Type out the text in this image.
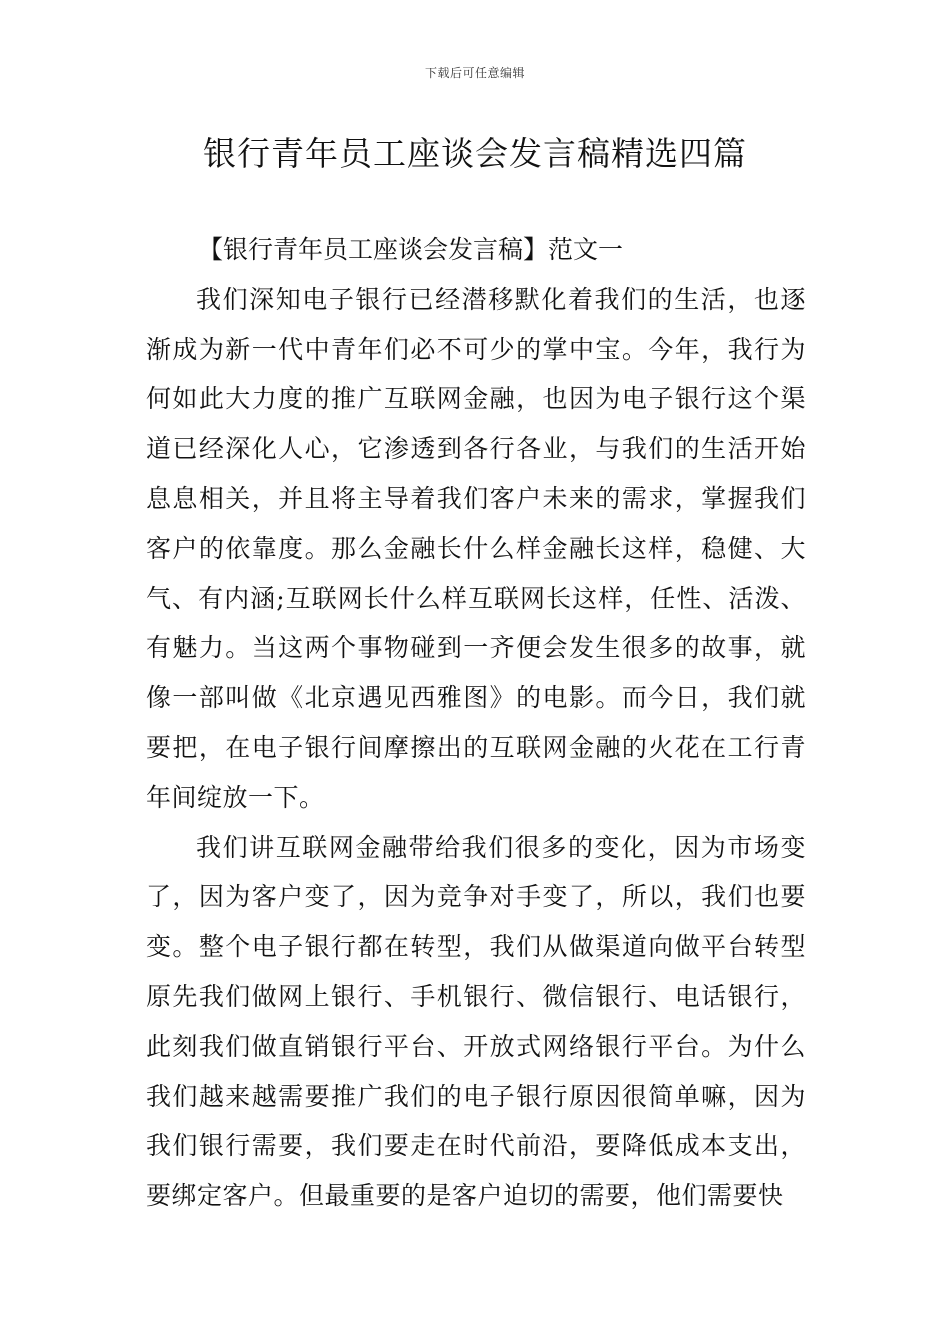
下载后可任意编辑
银行青年员工座谈会发言稿精选四篇

【银行青年员工座谈会发言稿】范文一

我们深知电子银行已经潜移默化着我们的生活，也逐渐成为新一代中青年们必不可少的掌中宝。今年，我行为何如此大力度的推广互联网金融，也因为电子银行这个渠道已经深化人心，它渗透到各行各业，与我们的生活开始息息相关，并且将主导着我们客户未来的需求，掌握我们客户的依靠度。那么金融长什么样金融长这样，稳健、大气、有内涵;互联网长什么样互联网长这样，任性、活泼、有魅力。当这两个事物碰到一齐便会发生很多的故事，就像一部叫做《北京遇见西雅图》的电影。而今日，我们就要把，在电子银行间摩擦出的互联网金融的火花在工行青年间绽放一下。

我们讲互联网金融带给我们很多的变化，因为市场变了，因为客户变了，因为竞争对手变了，所以，我们也要变。整个电子银行都在转型，我们从做渠道向做平台转型原先我们做网上银行、手机银行、微信银行、电话银行，此刻我们做直销银行平台、开放式网络银行平台。为什么我们越来越需要推广我们的电子银行原因很简单嘛，因为我们银行需要，我们要走在时代前沿，要降低成本支出，要绑定客户。但最重要的是客户迫切的需要，他们需要快
